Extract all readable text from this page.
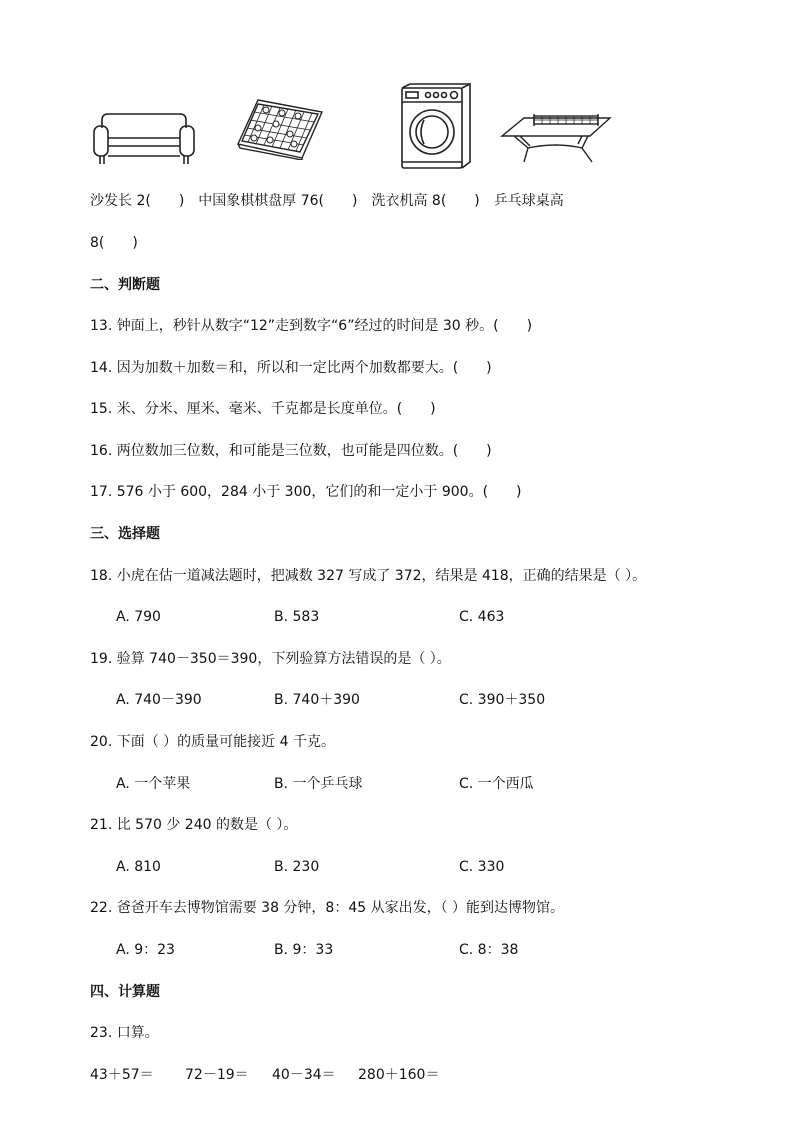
沙发长 2(　　)　中国象棋棋盘厚 76(　　)　洗衣机高 8(　　)　乒乓球桌高
8(　　)
二、判断题
13. 钟面上，秒针从数字“12”走到数字“6”经过的时间是 30 秒。(　　)
14. 因为加数＋加数＝和，所以和一定比两个加数都要大。(　　)
15. 米、分米、厘米、毫米、千克都是长度单位。(　　)
16. 两位数加三位数，和可能是三位数，也可能是四位数。(　　)
17. 576 小于 600，284 小于 300，它们的和一定小于 900。(　　)
三、选择题
18. 小虎在估一道减法题时，把减数 327 写成了 372，结果是 418，正确的结果是（ ）。
A. 790	B. 583	C. 463
19. 验算 740－350＝390，下列验算方法错误的是（ ）。
A. 740－390	B. 740＋390	C. 390＋350
20. 下面（ ）的质量可能接近 4 千克。
A. 一个苹果	B. 一个乒乓球	C. 一个西瓜
21. 比 570 少 240 的数是（ ）。
A. 810	B. 230	C. 330
22. 爸爸开车去博物馆需要 38 分钟，8：45 从家出发，（ ）能到达博物馆。
A. 9：23	B. 9：33	C. 8：38
四、计算题
23. 口算。
43＋57＝ 72－19＝ 40－34＝ 280＋160＝
